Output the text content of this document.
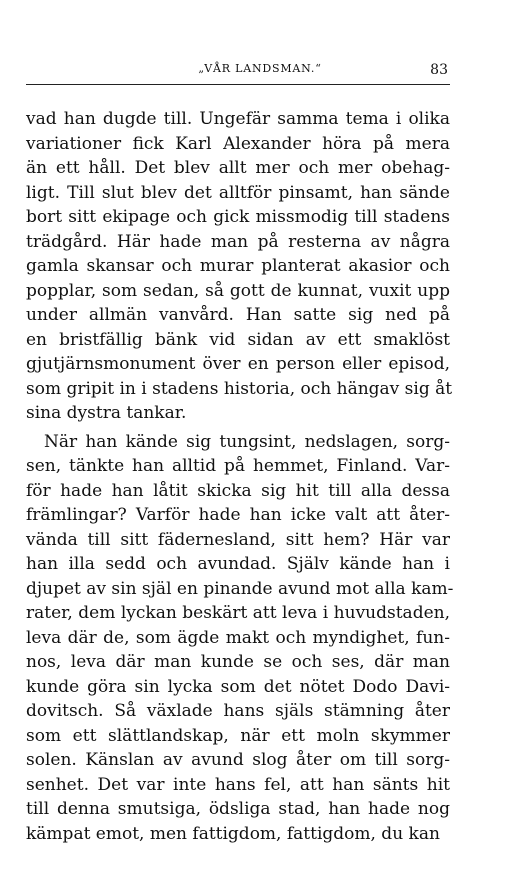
„VÅR LANDSMAN.“	83
vad han dugde till. Ungefär samma tema i olika
variationer fick Karl Alexander höra på mera
än ett håll. Det blev allt mer och mer obehag-
ligt. Till slut blev det alltför pinsamt, han sände
bort sitt ekipage och gick missmodig till stadens
trädgård. Här hade man på resterna av några
gamla skansar och murar planterat akasior och
popplar, som sedan, så gott de kunnat, vuxit upp
under allmän vanvård. Han satte sig ned på
en bristfällig bänk vid sidan av ett smaklöst
gjutjärnsmonument över en person eller episod,
som gripit in i stadens historia, och hängav sig åt
sina dystra tankar.
När han kände sig tungsint, nedslagen, sorg-
sen, tänkte han alltid på hemmet, Finland. Var-
för hade han låtit skicka sig hit till alla dessa
främlingar? Varför hade han icke valt att åter-
vända till sitt fädernesland, sitt hem? Här var
han illa sedd och avundad. Själv kände han i
djupet av sin själ en pinande avund mot alla kam-
rater, dem lyckan beskärt att leva i huvudstaden,
leva där de, som ägde makt och myndighet, fun-
nos, leva där man kunde se och ses, där man
kunde göra sin lycka som det nötet Dodo Davi-
dovitsch. Så växlade hans själs stämning åter
som ett slättlandskap, när ett moln skymmer
solen. Känslan av avund slog åter om till sorg-
senhet. Det var inte hans fel, att han sänts hit
till denna smutsiga, ödsliga stad, han hade nog
kämpat emot, men fattigdom, fattigdom, du kan
